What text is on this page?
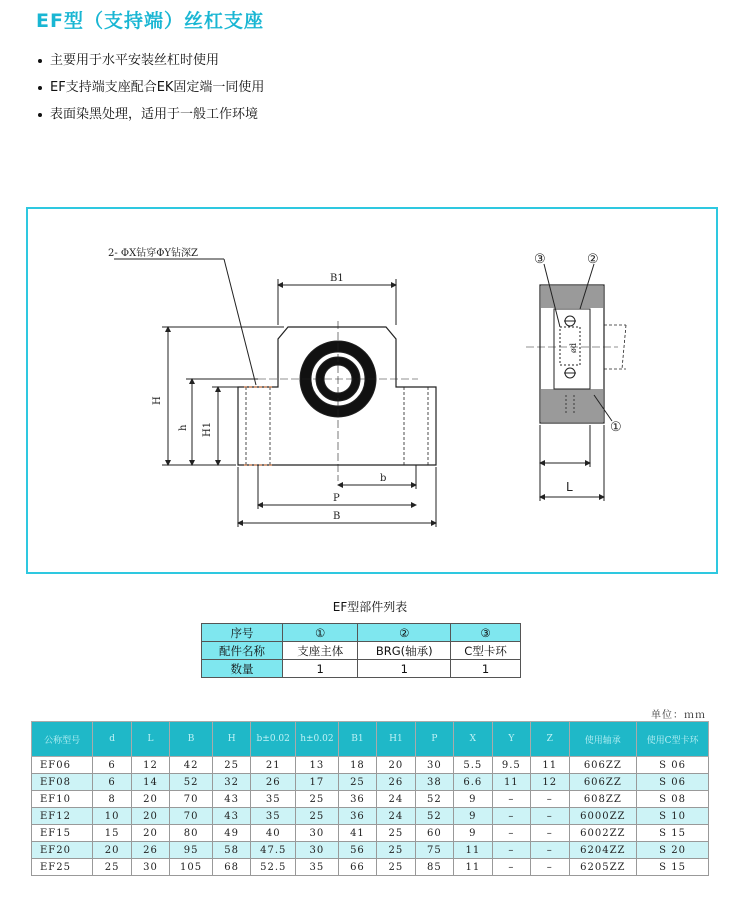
EF型（支持端）丝杠支座
主要用于水平安装丝杠时使用
EF支持端支座配合EK固定端一同使用
表面染黑处理，适用于一般工作环境
2- ΦX钻穿ΦY钻深Z
B1
H
h H1
b
P
B
ød
③	②
①
L
EF型部件列表
序号	①	②	③
配件名称	支座主体	BRG(轴承)	C型卡环
数量	1	1	1
单位：ｍｍ
公称型号	d	L	B	H	b±0.02	h±0.02	B1	H1	P	X	Y	Z	使用轴承	使用C型卡环
EF06	6	12	42	25	21	13	18	20	30	5.5	9.5	11	606ZZ	S 06
EF08	6	14	52	32	26	17	25	26	38	6.6	11	12	606ZZ	S 06
EF10	8	20	70	43	35	25	36	24	52	9	–	–	608ZZ	S 08
EF12	10	20	70	43	35	25	36	24	52	9	–	–	6000ZZ	S 10
EF15	15	20	80	49	40	30	41	25	60	9	–	–	6002ZZ	S 15
EF20	20	26	95	58	47.5	30	56	25	75	11	–	–	6204ZZ	S 20
EF25	25	30	105	68	52.5	35	66	25	85	11	–	–	6205ZZ	S 15
